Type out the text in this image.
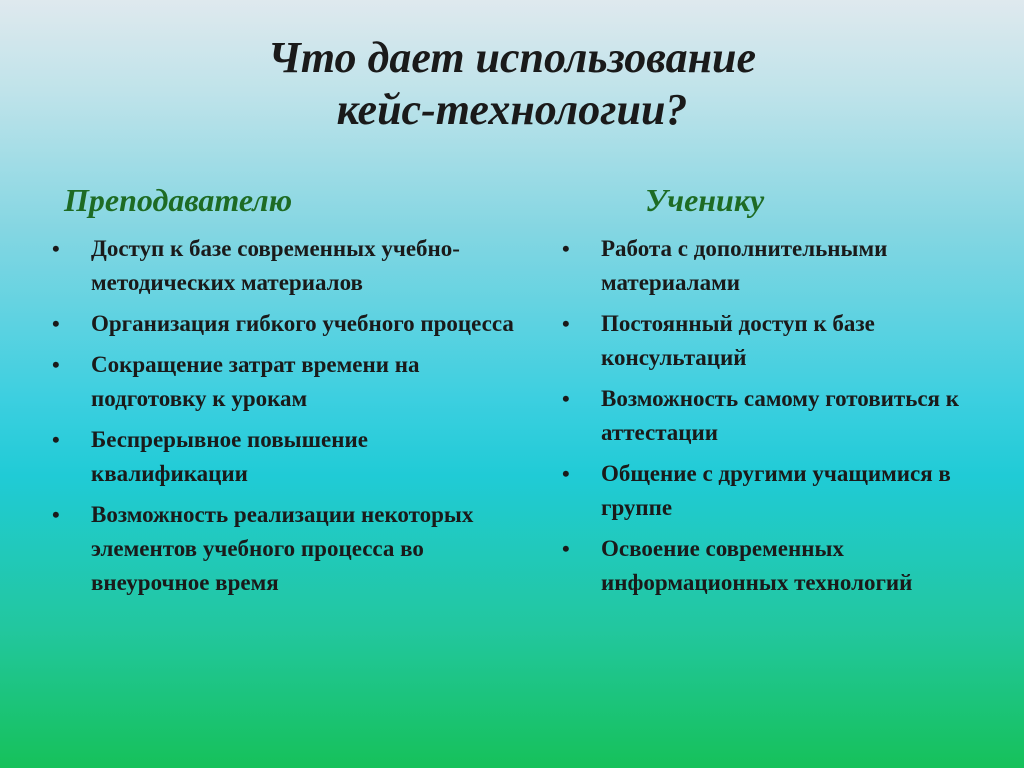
Что дает использование
кейс-технологии?
Преподавателю	Ученику
• Доступ к базе современных учебно-методических материалов
• Организация гибкого учебного процесса
• Сокращение затрат времени на подготовку к урокам
• Беспрерывное повышение квалификации
• Возможность реализации некоторых элементов учебного процесса во внеурочное время
• Работа с дополнительными материалами
• Постоянный доступ к базе консультаций
• Возможность самому готовиться к аттестации
• Общение с другими учащимися в группе
• Освоение современных информационных технологий
